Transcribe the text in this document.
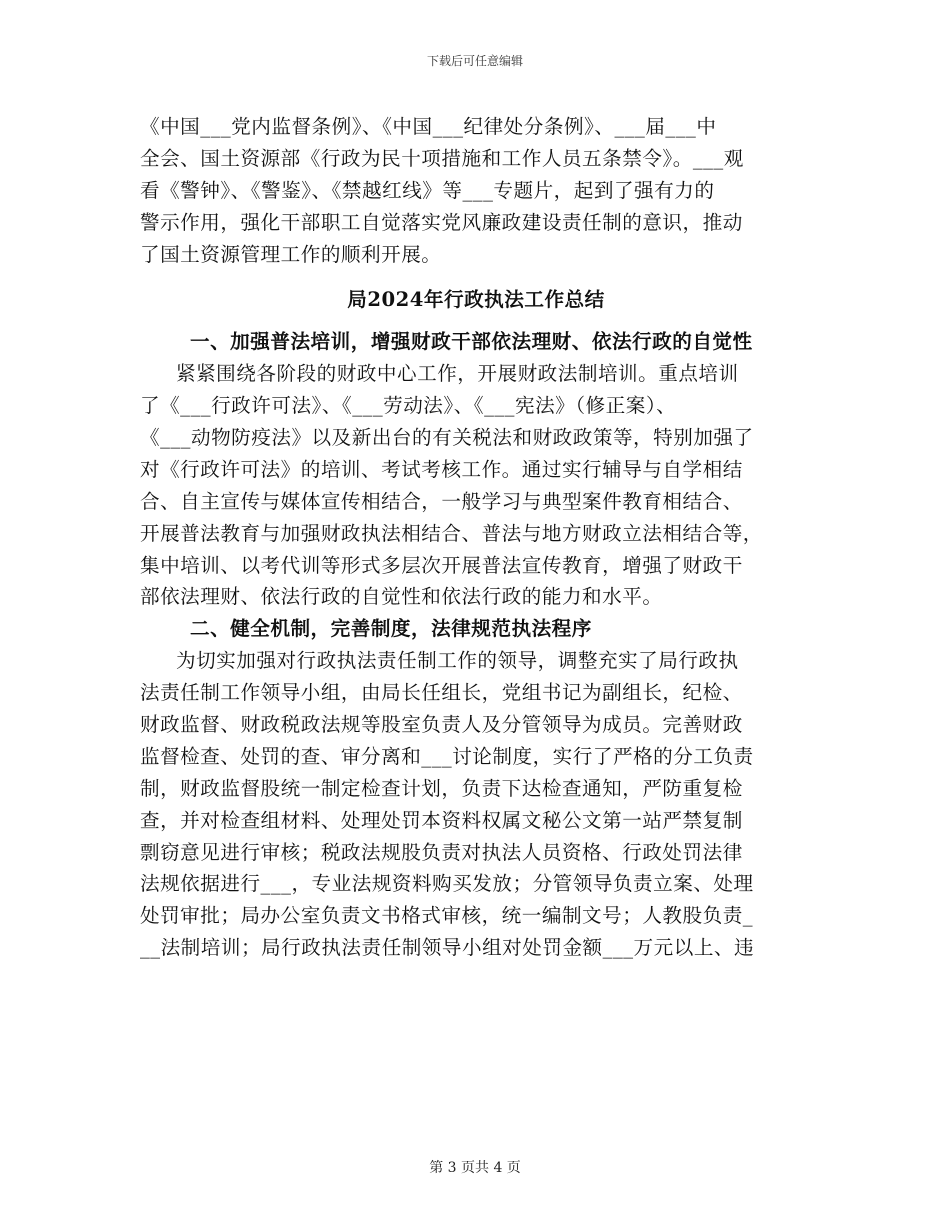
下载后可任意编辑
《中国___党内监督条例》、《中国___纪律处分条例》、___届___中
全会、国土资源部《行政为民十项措施和工作人员五条禁令》。___观
看《警钟》、《警鉴》、《禁越红线》等___专题片，起到了强有力的
警示作用，强化干部职工自觉落实党风廉政建设责任制的意识，推动
了国土资源管理工作的顺利开展。
局2024年行政执法工作总结
一、加强普法培训，增强财政干部依法理财、依法行政的自觉性
紧紧围绕各阶段的财政中心工作，开展财政法制培训。重点培训
了《___行政许可法》、《___劳动法》、《___宪法》（修正案）、
《___动物防疫法》以及新出台的有关税法和财政政策等，特别加强了
对《行政许可法》的培训、考试考核工作。通过实行辅导与自学相结
合、自主宣传与媒体宣传相结合，一般学习与典型案件教育相结合、
开展普法教育与加强财政执法相结合、普法与地方财政立法相结合等，
集中培训、以考代训等形式多层次开展普法宣传教育，增强了财政干
部依法理财、依法行政的自觉性和依法行政的能力和水平。
二、健全机制，完善制度，法律规范执法程序
为切实加强对行政执法责任制工作的领导，调整充实了局行政执
法责任制工作领导小组，由局长任组长，党组书记为副组长，纪检、
财政监督、财政税政法规等股室负责人及分管领导为成员。完善财政
监督检查、处罚的查、审分离和___讨论制度，实行了严格的分工负责
制，财政监督股统一制定检查计划，负责下达检查通知，严防重复检
查，并对检查组材料、处理处罚本资料权属文秘公文第一站严禁复制
剽窃意见进行审核；税政法规股负责对执法人员资格、行政处罚法律
法规依据进行___，专业法规资料购买发放；分管领导负责立案、处理
处罚审批；局办公室负责文书格式审核，统一编制文号；人教股负责_
__法制培训；局行政执法责任制领导小组对处罚金额___万元以上、违
第 3 页共 4 页
